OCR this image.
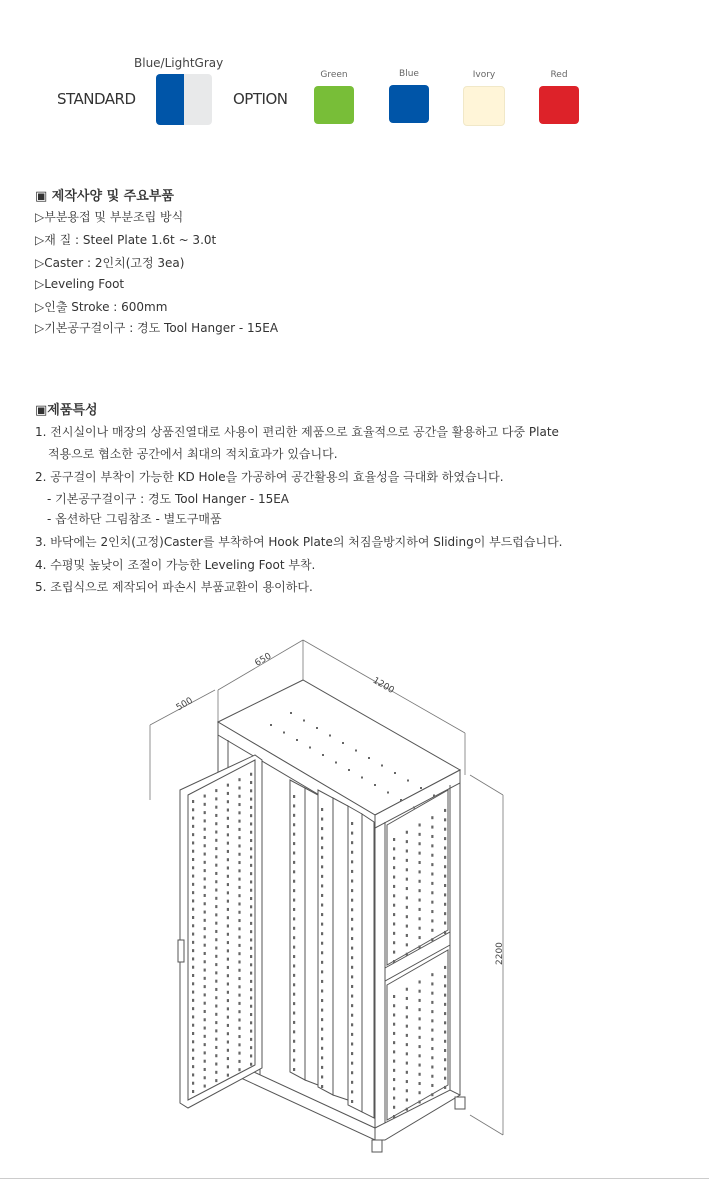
Blue/LightGray
STANDARD	OPTION
Green	Blue	Ivory	Red
▣ 제작사양 및 주요부품
▷부분용접 및 부분조립 방식
▷재 질 : Steel Plate 1.6t ~ 3.0t
▷Caster : 2인치(고정 3ea)
▷Leveling Foot
▷인출 Stroke : 600mm
▷기본공구걸이구 : 경도 Tool Hanger - 15EA
▣제품특성
1. 전시실이나 매장의 상품진열대로 사용이 편리한 제품으로 효율적으로 공간을 활용하고 다중 Plate
적용으로 협소한 공간에서 최대의 적치효과가 있습니다.
2. 공구걸이 부착이 가능한 KD Hole을 가공하여 공간활용의 효율성을 극대화 하였습니다.
- 기본공구걸이구 : 경도 Tool Hanger - 15EA
- 옵션하단 그림참조 - 별도구매품
3. 바닥에는 2인치(고정)Caster를 부착하여 Hook Plate의 처짐을방지하여 Sliding이 부드럽습니다.
4. 수평및 높낮이 조절이 가능한 Leveling Foot 부착.
5. 조립식으로 제작되어 파손시 부품교환이 용이하다.
650
1200
500
2200
